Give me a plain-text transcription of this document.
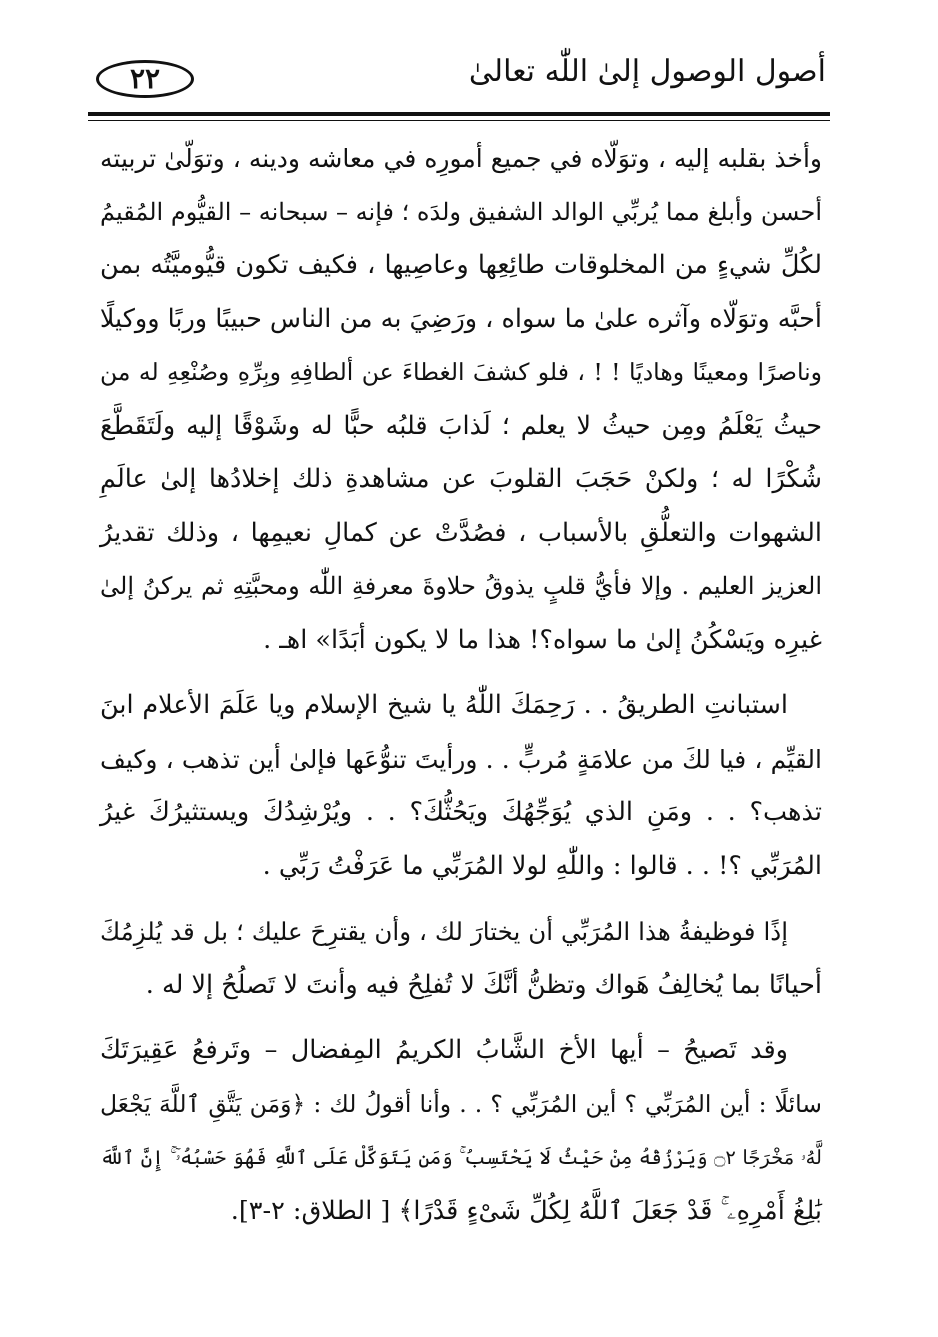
٢٢	أصول الوصول إلىٰ اللّٰه تعالىٰ
وأخذ بقلبه إليه ، وتوَلّاه في جميع أمورِه في معاشه ودينه ، وتوَلّىٰ تربيته
أحسن وأبلغ مما يُربِّي الوالد الشفيق ولدَه ؛ فإنه – سبحانه – القيُّوم المُقيمُ
لكُلِّ شيءٍ من المخلوقات طائِعِها وعاصِيها ، فكيف تكون قيُّوميَّتُه بمن
أحبَّه وتوَلّاه وآثره علىٰ ما سواه ، ورَضِيَ به من الناس حبيبًا وربًا ووكيلًا
وناصرًا ومعينًا وهاديًا ! ! ، فلو كشفَ الغطاءَ عن ألطافِهِ وبِرِّهِ وصُنْعِهِ له من
حيثُ يَعْلَمُ ومِن حيثُ لا يعلم ؛ لَذابَ قلبُه حبًّا له وشَوْقًا إليه ولَتَقَطَّعَ
شُكْرًا له ؛ ولكنْ حَجَبَ القلوبَ عن مشاهدةِ ذلك إخلادُها إلىٰ عالَمِ
الشهوات والتعلُّقِ بالأسباب ، فصُدَّتْ عن كمالِ نعيمِها ، وذلك تقديرُ
العزيز العليم . وإلا فأيُّ قلبٍ يذوقُ حلاوةَ معرفةِ اللّٰه ومحبَّتِهِ ثم يركنُ إلىٰ
غيرِه ويَسْكُنُ إلىٰ ما سواه؟! هذا ما لا يكون أبَدًا» اهـ .
استبانتِ الطريقُ . . رَحِمَكَ اللّٰهُ يا شيخ الإسلام ويا عَلَمَ الأعلام ابنَ
القيِّم ، فيا لكَ من علامَةٍ مُربٍّ . . ورأيتَ تنوُّعَها فإلىٰ أين تذهب ، وكيف
تذهب؟ . . ومَنِ الذي يُوَجِّهُكَ ويَحُثُّكَ؟ . . ويُرْشِدُكَ ويستثيرُكَ غيرُ
المُرَبِّي ؟! . . قالوا : واللّٰهِ لولا المُرَبِّي ما عَرَفْتُ رَبِّي .
إذًا فوظيفةُ هذا المُرَبِّي أن يختارَ لك ، وأن يقترِحَ عليك ؛ بل قد يُلزِمُكَ
أحيانًا بما يُخالِفُ هَواك وتظنُّ أنَّكَ لا تُفلِحُ فيه وأنتَ لا تَصلُحُ إلا له .
وقد تَصيحُ – أيها الأخ الشَّابُ الكريمُ المِفضال – وتَرفعُ عَقِيرَتَكَ
سائلًا : أين المُرَبِّي ؟ أين المُرَبِّي ؟ . . وأنا أقولُ لك : ﴿وَمَن يَتَّقِ ٱللَّهَ يَجْعَل
لَّهُۥ مَخْرَجًا ۝٢ وَيَرْزُقْهُ مِنْ حَيْثُ لَا يَحْتَسِبُ ۚ وَمَن يَتَوَكَّلْ عَلَى ٱللَّهِ فَهُوَ حَسْبُهُۥٓ ۚ إِنَّ ٱللَّهَ
بَٰلِغُ أَمْرِهِۦ ۚ قَدْ جَعَلَ ٱللَّهُ لِكُلِّ شَىْءٍ قَدْرًا﴾ [ الطلاق: ٢-٣].
